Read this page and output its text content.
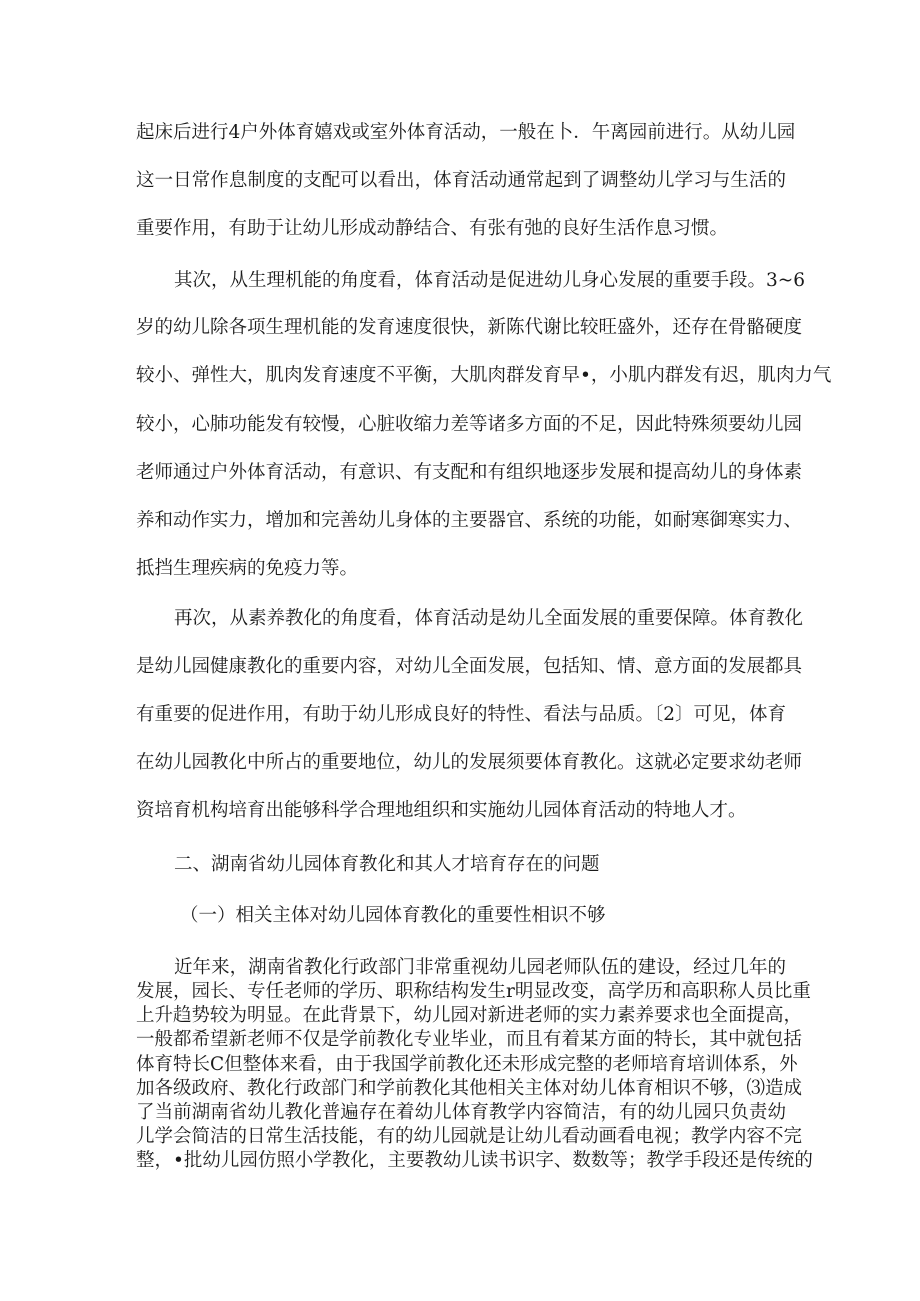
起床后进行4户外体育嬉戏或室外体育活动，一般在卜．午离园前进行。从幼儿园
这一日常作息制度的支配可以看出，体育活动通常起到了调整幼儿学习与生活的
重要作用，有助于让幼儿形成动静结合、有张有弛的良好生活作息习惯。
其次，从生理机能的角度看，体育活动是促进幼儿身心发展的重要手段。3~6
岁的幼儿除各项生理机能的发育速度很快，新陈代谢比较旺盛外，还存在骨骼硬度
较小、弹性大，肌肉发育速度不平衡，大肌肉群发育早•，小肌内群发有迟，肌肉力气
较小，心肺功能发有较慢，心脏收缩力差等诸多方面的不足，因此特殊须要幼儿园
老师通过户外体育活动，有意识、有支配和有组织地逐步发展和提高幼儿的身体素
养和动作实力，增加和完善幼儿身体的主要器官、系统的功能，如耐寒御寒实力、
抵挡生理疾病的免疫力等。
再次，从素养教化的角度看，体育活动是幼儿全面发展的重要保障。体育教化
是幼儿园健康教化的重要内容，对幼儿全面发展，包括知、情、意方面的发展都具
有重要的促进作用，有助于幼儿形成良好的特性、看法与品质。〔2〕可见，体育
在幼儿园教化中所占的重要地位，幼儿的发展须要体育教化。这就必定要求幼老师
资培育机构培育出能够科学合理地组织和实施幼儿园体育活动的特地人才。
二、湖南省幼儿园体育教化和其人才培育存在的问题
（一）相关主体对幼儿园体育教化的重要性相识不够
近年来，湖南省教化行政部门非常重视幼儿园老师队伍的建设，经过几年的
发展，园长、专任老师的学历、职称结构发生r明显改变，高学历和高职称人员比重
上升趋势较为明显。在此背景下，幼儿园对新进老师的实力素养要求也全面提高，
一般都希望新老师不仅是学前教化专业毕业，而且有着某方面的特长，其中就包括
体育特长C但整体来看，由于我国学前教化还未形成完整的老师培育培训体系，外
加各级政府、教化行政部门和学前教化其他相关主体对幼儿体育相识不够，⑶造成
了当前湖南省幼儿教化普遍存在着幼儿体育教学内容简洁，有的幼儿园只负责幼
儿学会简洁的日常生活技能，有的幼儿园就是让幼儿看动画看电视；教学内容不完
整，•批幼儿园仿照小学教化，主要教幼儿读书识字、数数等；教学手段还是传统的
